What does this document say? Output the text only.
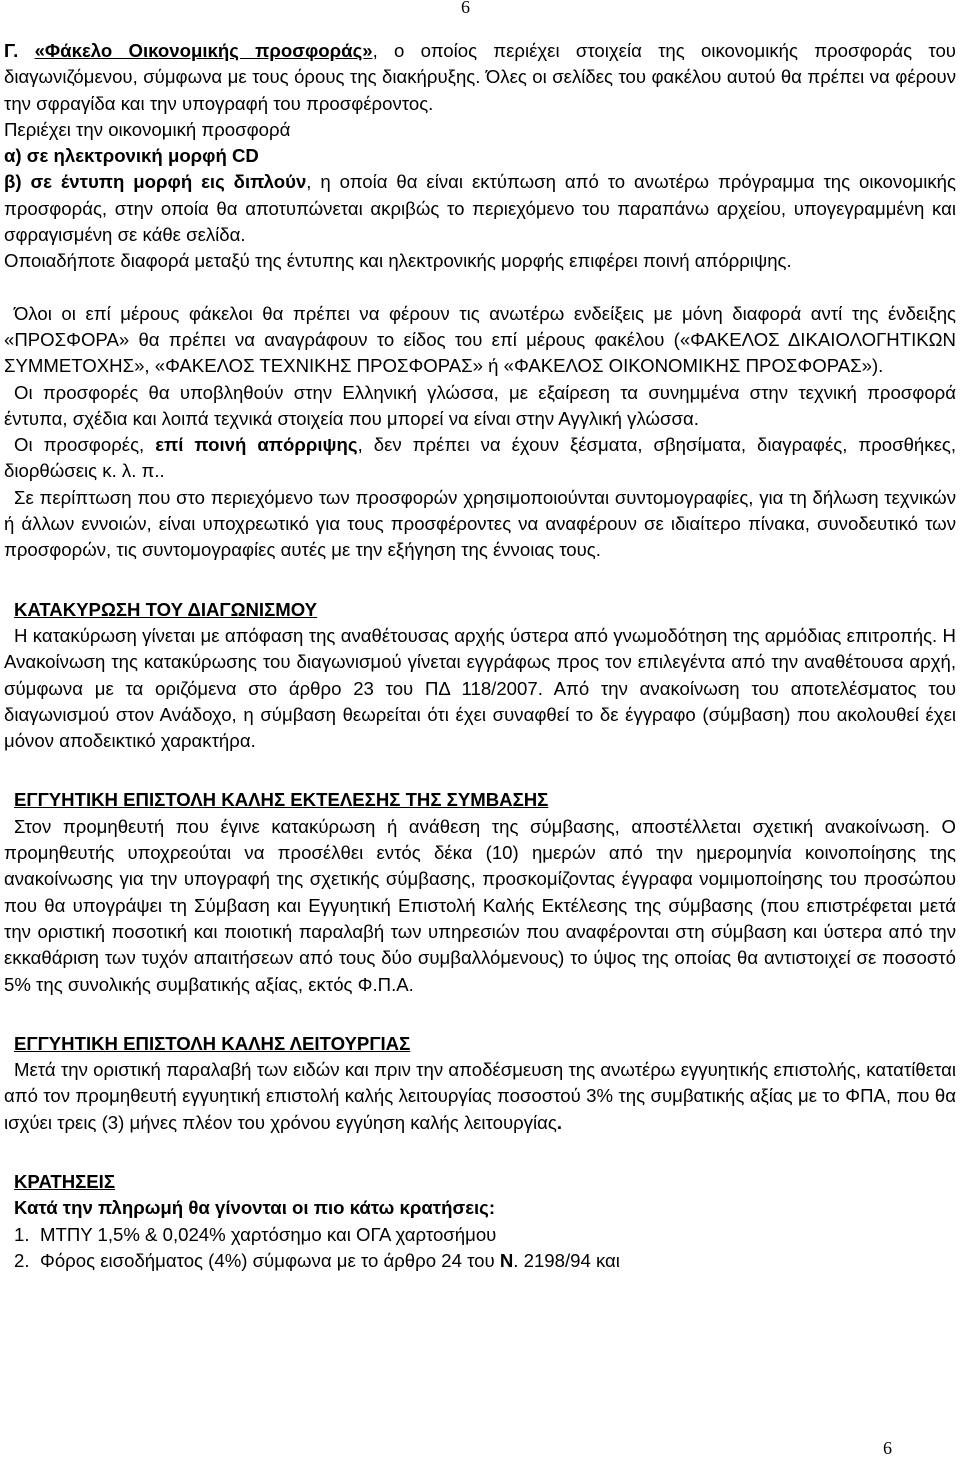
6

Γ. «Φάκελο Οικονομικής προσφοράς», ο οποίος περιέχει στοιχεία της οικονομικής προσφοράς του διαγωνιζόμενου, σύμφωνα με τους όρους της διακήρυξης. Όλες οι σελίδες του φακέλου αυτού θα πρέπει να φέρουν την σφραγίδα και την υπογραφή του προσφέροντος.

Περιέχει την οικονομική προσφορά

α) σε ηλεκτρονική μορφή CD

β) σε έντυπη μορφή εις διπλούν, η οποία θα είναι εκτύπωση από το ανωτέρω πρόγραμμα της οικονομικής προσφοράς, στην οποία θα αποτυπώνεται ακριβώς το περιεχόμενο του παραπάνω αρχείου, υπογεγραμμένη και σφραγισμένη σε κάθε σελίδα.

Οποιαδήποτε διαφορά μεταξύ της έντυπης και ηλεκτρονικής μορφής επιφέρει ποινή απόρριψης.

Όλοι οι επί μέρους φάκελοι θα πρέπει να φέρουν τις ανωτέρω ενδείξεις με μόνη διαφορά αντί της ένδειξης «ΠΡΟΣΦΟΡΑ» θα πρέπει να αναγράφουν το είδος του επί μέρους φακέλου («ΦΑΚΕΛΟΣ ΔΙΚΑΙΟΛΟΓΗΤΙΚΩΝ ΣΥΜΜΕΤΟΧΗΣ», «ΦΑΚΕΛΟΣ ΤΕΧΝΙΚΗΣ ΠΡΟΣΦΟΡΑΣ» ή «ΦΑΚΕΛΟΣ ΟΙΚΟΝΟΜΙΚΗΣ ΠΡΟΣΦΟΡΑΣ»).

Οι προσφορές θα υποβληθούν στην Ελληνική γλώσσα, με εξαίρεση τα συνημμένα στην τεχνική προσφορά έντυπα, σχέδια και λοιπά τεχνικά στοιχεία που μπορεί να είναι στην Αγγλική γλώσσα.

Οι προσφορές, επί ποινή απόρριψης, δεν πρέπει να έχουν ξέσματα, σβησίματα, διαγραφές, προσθήκες, διορθώσεις κ. λ. π..

Σε περίπτωση που στο περιεχόμενο των προσφορών χρησιμοποιούνται συντομογραφίες, για τη δήλωση τεχνικών ή άλλων εννοιών, είναι υποχρεωτικό για τους προσφέροντες να αναφέρουν σε ιδιαίτερο πίνακα, συνοδευτικό των προσφορών, τις συντομογραφίες αυτές με την εξήγηση της έννοιας τους.

ΚΑΤΑΚΥΡΩΣΗ ΤΟΥ ΔΙΑΓΩΝΙΣΜΟΥ

Η κατακύρωση γίνεται με απόφαση της αναθέτουσας αρχής ύστερα από γνωμοδότηση της αρμόδιας επιτροπής. Η Ανακοίνωση της κατακύρωσης του διαγωνισμού γίνεται εγγράφως προς τον επιλεγέντα από την αναθέτουσα αρχή, σύμφωνα με τα οριζόμενα στο άρθρο 23 του ΠΔ 118/2007. Από την ανακοίνωση του αποτελέσματος του διαγωνισμού στον Ανάδοχο, η σύμβαση θεωρείται ότι έχει συναφθεί το δε έγγραφο (σύμβαση) που ακολουθεί έχει μόνον αποδεικτικό χαρακτήρα.

ΕΓΓΥΗΤΙΚΗ ΕΠΙΣΤΟΛΗ ΚΑΛΗΣ ΕΚΤΕΛΕΣΗΣ ΤΗΣ ΣΥΜΒΑΣΗΣ

Στον προμηθευτή που έγινε κατακύρωση ή ανάθεση της σύμβασης, αποστέλλεται σχετική ανακοίνωση. Ο προμηθευτής υποχρεούται να προσέλθει εντός δέκα (10) ημερών από την ημερομηνία κοινοποίησης της ανακοίνωσης για την υπογραφή της σχετικής σύμβασης, προσκομίζοντας έγγραφα νομιμοποίησης του προσώπου που θα υπογράψει τη Σύμβαση και Εγγυητική Επιστολή Καλής Εκτέλεσης της σύμβασης (που επιστρέφεται μετά την οριστική ποσοτική και ποιοτική παραλαβή των υπηρεσιών που αναφέρονται στη σύμβαση και ύστερα από την εκκαθάριση των τυχόν απαιτήσεων από τους δύο συμβαλλόμενους) το ύψος της οποίας θα αντιστοιχεί σε ποσοστό 5% της συνολικής συμβατικής αξίας, εκτός Φ.Π.Α.

ΕΓΓΥΗΤΙΚΗ ΕΠΙΣΤΟΛΗ ΚΑΛΗΣ ΛΕΙΤΟΥΡΓΙΑΣ

Μετά την οριστική παραλαβή των ειδών και πριν την αποδέσμευση της ανωτέρω εγγυητικής επιστολής, κατατίθεται από τον προμηθευτή εγγυητική επιστολή καλής λειτουργίας ποσοστού 3% της συμβατικής αξίας με το ΦΠΑ, που θα ισχύει τρεις (3) μήνες πλέον του χρόνου εγγύηση καλής λειτουργίας.

ΚΡΑΤΗΣΕΙΣ

Κατά την πληρωμή θα γίνονται οι πιο κάτω κρατήσεις:

1. ΜΤΠΥ 1,5% & 0,024% χαρτόσημο και ΟΓΑ χαρτοσήμου
2. Φόρος εισοδήματος (4%) σύμφωνα με το άρθρο 24 του Ν. 2198/94 και
6
